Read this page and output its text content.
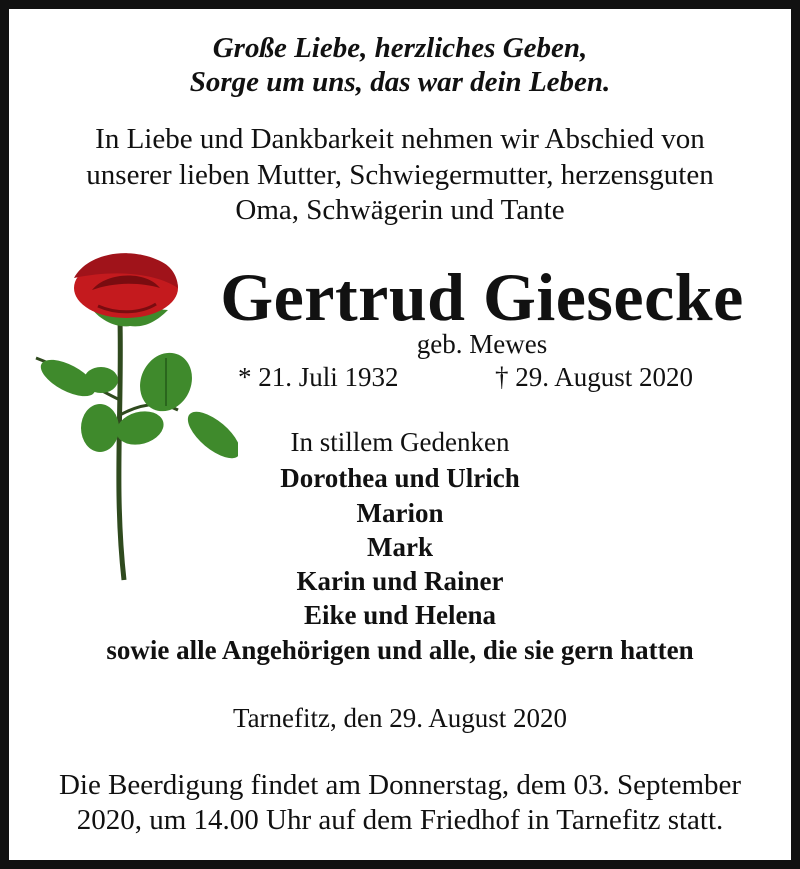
Große Liebe, herzliches Geben,
Sorge um uns, das war dein Leben.
In Liebe und Dankbarkeit nehmen wir Abschied von
unserer lieben Mutter, Schwiegermutter, herzensguten
Oma, Schwägerin und Tante
Gertrud Giesecke
geb. Mewes
* 21. Juli 1932	† 29. August 2020
In stillem Gedenken
Dorothea und Ulrich
Marion
Mark
Karin und Rainer
Eike und Helena
sowie alle Angehörigen und alle, die sie gern hatten
Tarnefitz, den 29. August 2020
Die Beerdigung findet am Donnerstag, dem 03. September
2020, um 14.00 Uhr auf dem Friedhof in Tarnefitz statt.
